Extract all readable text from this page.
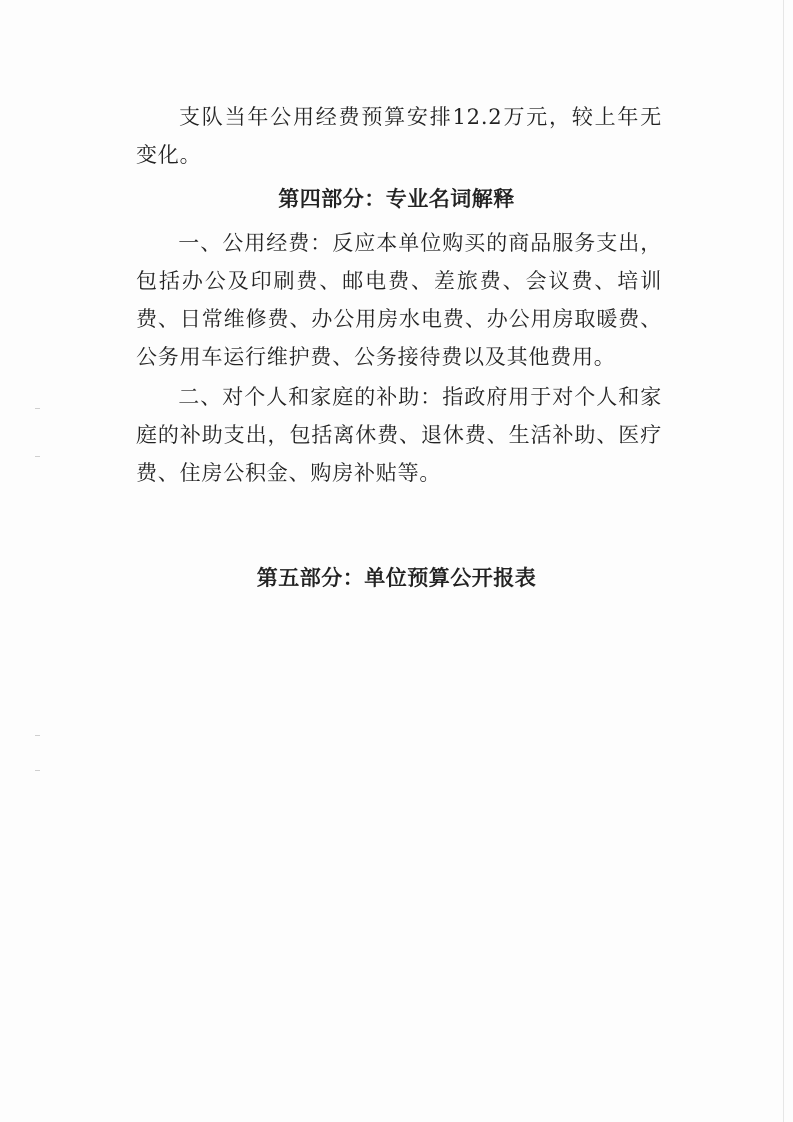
支队当年公用经费预算安排12.2万元，较上年无变化。

第四部分：专业名词解释

一、公用经费：反应本单位购买的商品服务支出，包括办公及印刷费、邮电费、差旅费、会议费、培训费、日常维修费、办公用房水电费、办公用房取暖费、公务用车运行维护费、公务接待费以及其他费用。

二、对个人和家庭的补助：指政府用于对个人和家庭的补助支出，包括离休费、退休费、生活补助、医疗费、住房公积金、购房补贴等。

第五部分：单位预算公开报表
